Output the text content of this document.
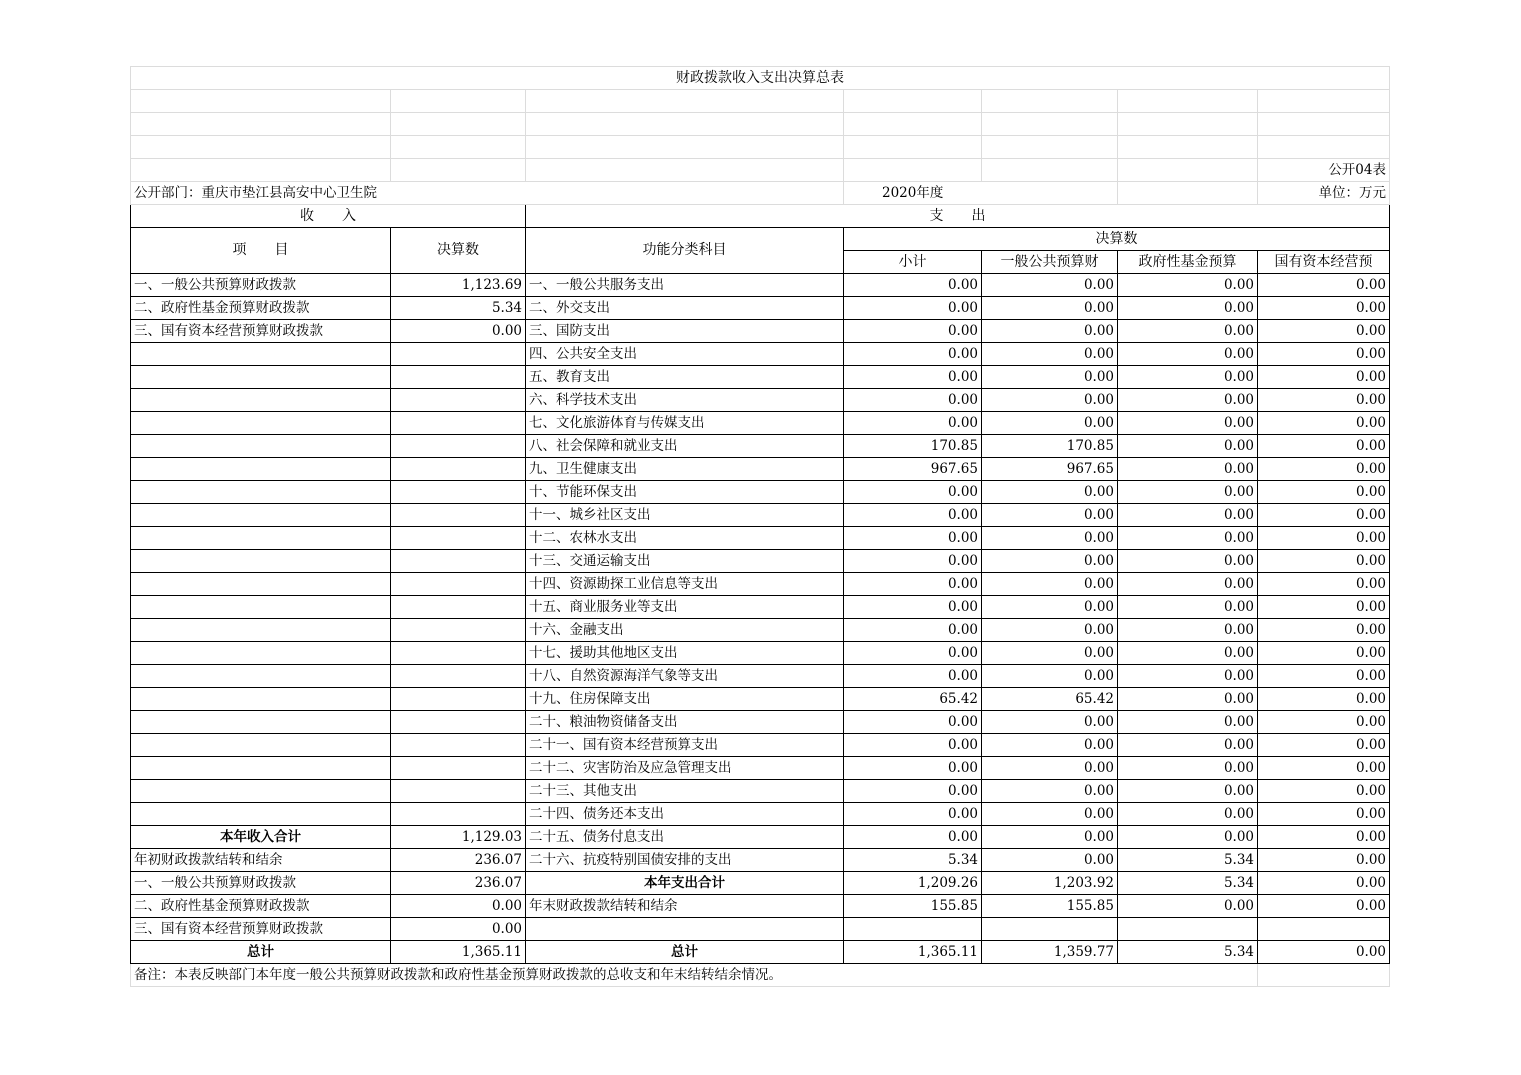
财政拨款收入支出决算总表						

						公开04表
公开部门：重庆市垫江县高安中心卫生院			2020年度			单位：万元
收　　入		支　　出				
项　　目	决算数	功能分类科目	决算数			
			小计	一般公共预算财	政府性基金预算	国有资本经营预
一、一般公共预算财政拨款	1,123.69	一、一般公共服务支出	0.00	0.00	0.00	0.00
二、政府性基金预算财政拨款	5.34	二、外交支出	0.00	0.00	0.00	0.00
三、国有资本经营预算财政拨款	0.00	三、国防支出	0.00	0.00	0.00	0.00
		四、公共安全支出	0.00	0.00	0.00	0.00
		五、教育支出	0.00	0.00	0.00	0.00
		六、科学技术支出	0.00	0.00	0.00	0.00
		七、文化旅游体育与传媒支出	0.00	0.00	0.00	0.00
		八、社会保障和就业支出	170.85	170.85	0.00	0.00
		九、卫生健康支出	967.65	967.65	0.00	0.00
		十、节能环保支出	0.00	0.00	0.00	0.00
		十一、城乡社区支出	0.00	0.00	0.00	0.00
		十二、农林水支出	0.00	0.00	0.00	0.00
		十三、交通运输支出	0.00	0.00	0.00	0.00
		十四、资源勘探工业信息等支出	0.00	0.00	0.00	0.00
		十五、商业服务业等支出	0.00	0.00	0.00	0.00
		十六、金融支出	0.00	0.00	0.00	0.00
		十七、援助其他地区支出	0.00	0.00	0.00	0.00
		十八、自然资源海洋气象等支出	0.00	0.00	0.00	0.00
		十九、住房保障支出	65.42	65.42	0.00	0.00
		二十、粮油物资储备支出	0.00	0.00	0.00	0.00
		二十一、国有资本经营预算支出	0.00	0.00	0.00	0.00
		二十二、灾害防治及应急管理支出	0.00	0.00	0.00	0.00
		二十三、其他支出	0.00	0.00	0.00	0.00
		二十四、债务还本支出	0.00	0.00	0.00	0.00
本年收入合计	1,129.03	二十五、债务付息支出	0.00	0.00	0.00	0.00
年初财政拨款结转和结余	236.07	二十六、抗疫特别国债安排的支出	5.34	0.00	5.34	0.00
一、一般公共预算财政拨款	236.07	本年支出合计	1,209.26	1,203.92	5.34	0.00
二、政府性基金预算财政拨款	0.00	年末财政拨款结转和结余	155.85	155.85	0.00	0.00
三、国有资本经营预算财政拨款	0.00					
总计	1,365.11	总计	1,365.11	1,359.77	5.34	0.00
备注：本表反映部门本年度一般公共预算财政拨款和政府性基金预算财政拨款的总收支和年末结转结余情况。						
